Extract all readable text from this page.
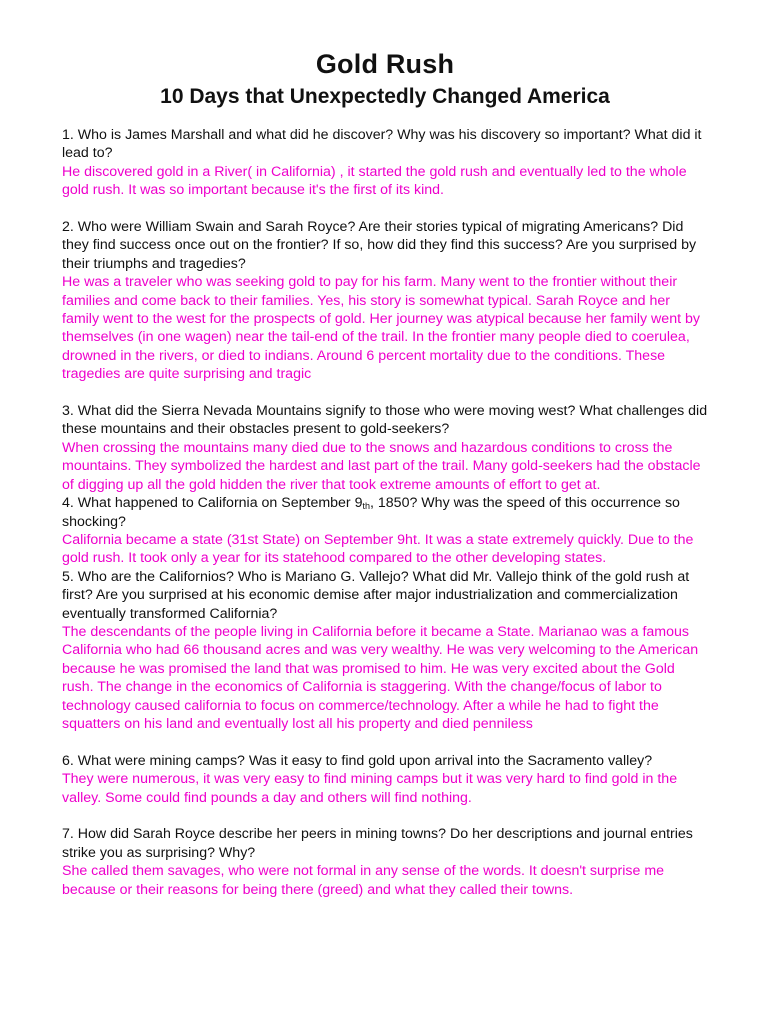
Gold Rush
10 Days that Unexpectedly Changed America
1. Who is James Marshall and what did he discover? Why was his discovery so important? What did it lead to?
He discovered gold in a River( in California) , it started the gold rush and eventually led to the whole gold rush. It was so important because it's the first of its kind.
2. Who were William Swain and Sarah Royce? Are their stories typical of migrating Americans? Did they find success once out on the frontier? If so, how did they find this success? Are you surprised by their triumphs and tragedies?
He was a traveler who was seeking gold to pay for his farm. Many went to the frontier without their families and come back to their families. Yes, his story is somewhat typical. Sarah Royce and her family went to the west for the prospects of gold. Her journey was atypical because her family went by themselves (in one wagen) near the tail-end of the trail. In the frontier many people died to coerulea, drowned in the rivers, or died to indians. Around 6 percent mortality due to the conditions. These tragedies are quite surprising and tragic
3. What did the Sierra Nevada Mountains signify to those who were moving west? What challenges did these mountains and their obstacles present to gold-seekers?
When crossing the mountains many died due to the snows and hazardous conditions to cross the mountains. They symbolized the hardest and last part of the trail. Many gold-seekers had the obstacle of digging up all the gold hidden the river that took extreme amounts of effort to get at.
4. What happened to California on September $9_{th}$, 1850? Why was the speed of this occurrence so shocking?
California became a state (31st State) on September 9ht. It was a state extremely quickly. Due to the gold rush. It took only a year for its statehood compared to the other developing states.
5. Who are the Californios? Who is Mariano G. Vallejo? What did Mr. Vallejo think of the gold rush at first? Are you surprised at his economic demise after major industrialization and commercialization eventually transformed California?
The descendants of the people living in California before it became a State. Marianao was a famous California who had 66 thousand acres and was very wealthy. He was very welcoming to the American because he was promised the land that was promised to him. He was very excited about the Gold rush. The change in the economics of California is staggering. With the change/focus of labor to technology caused california to focus on commerce/technology. After a while he had to fight the squatters on his land and eventually lost all his property and died penniless
6. What were mining camps? Was it easy to find gold upon arrival into the Sacramento valley?
They were numerous, it was very easy to find mining camps but it was very hard to find gold in the valley. Some could find pounds a day and others will find nothing.
7. How did Sarah Royce describe her peers in mining towns? Do her descriptions and journal entries strike you as surprising? Why?
She called them savages, who were not formal in any sense of the words. It doesn't surprise me because or their reasons for being there (greed) and what they called their towns.
